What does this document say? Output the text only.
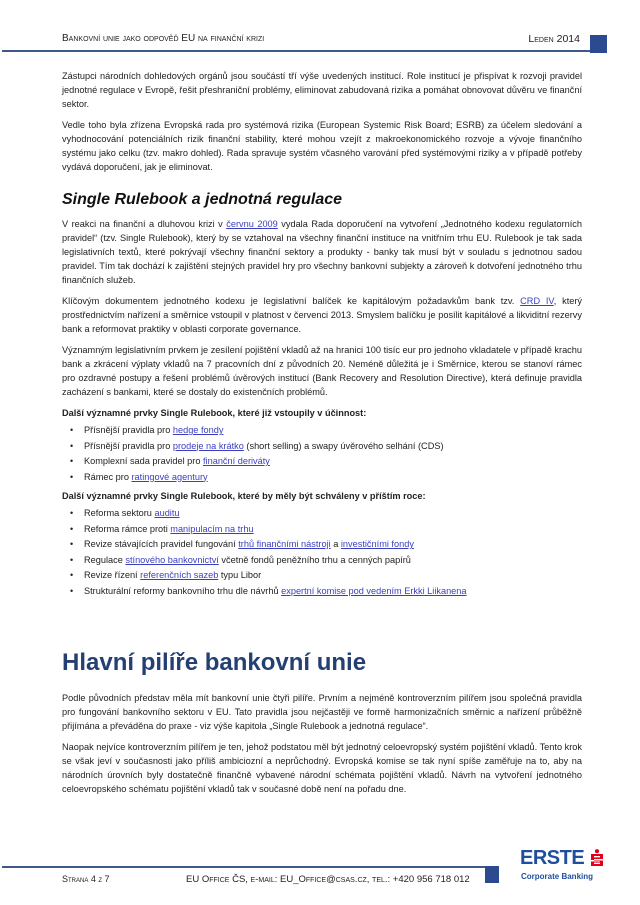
Bankovní unie jako odpověď EU na finanční krizi	Leden 2014

Zástupci národních dohledových orgánů jsou součástí tří výše uvedených institucí. Role institucí je přispívat k rozvoji pravidel jednotné regulace v Evropě, řešit přeshraniční problémy, eliminovat zabudovaná rizika a pomáhat obnovovat důvěru ve finanční sektor.

Vedle toho byla zřízena Evropská rada pro systémová rizika (European Systemic Risk Board; ESRB) za účelem sledování a vyhodnocování potenciálních rizik finanční stability, které mohou vzejít z makroekonomického rozvoje a vývoje finančního systému jako celku (tzv. makro dohled). Rada spravuje systém včasného varování před systémovými riziky a v případě potřeby vydává doporučení, jak je eliminovat.

Single Rulebook a jednotná regulace

V reakci na finanční a dluhovou krizi v červnu 2009 vydala Rada doporučení na vytvoření „Jednotného kodexu regulatorních pravidel“ (tzv. Single Rulebook), který by se vztahoval na všechny finanční instituce na vnitřním trhu EU. Rulebook je tak sada legislativních textů, které pokrývají všechny finanční sektory a produkty - banky tak musí být v souladu s jednotnou sadou pravidel. Tím tak dochází k zajištění stejných pravidel hry pro všechny bankovní subjekty a zároveň k dotvoření jednotného trhu finančních služeb.

Klíčovým dokumentem jednotného kodexu je legislativní balíček ke kapitálovým požadavkům bank tzv. CRD IV, který prostřednictvím nařízení a směrnice vstoupil v platnost v červenci 2013. Smyslem balíčku je posílit kapitálové a likviditní rezervy bank a reformovat praktiky v oblasti corporate governance.

Významným legislativním prvkem je zesílení pojištění vkladů až na hranici 100 tisíc eur pro jednoho vkladatele v případě krachu bank a zkrácení výplaty vkladů na 7 pracovních dní z původních 20. Neméně důležitá je i Směrnice, kterou se stanoví rámec pro ozdravné postupy a řešení problémů úvěrových institucí (Bank Recovery and Resolution Directive), která definuje pravidla zacházení s bankami, které se dostaly do existenčních problémů.

Další významné prvky Single Rulebook, které již vstoupily v účinnost:
• Přísnější pravidla pro hedge fondy
• Přísnější pravidla pro prodeje na krátko (short selling) a swapy úvěrového selhání (CDS)
• Komplexní sada pravidel pro finanční deriváty
• Rámec pro ratingové agentury
Další významné prvky Single Rulebook, které by měly být schváleny v příštím roce:
• Reforma sektoru auditu
• Reforma rámce proti manipulacím na trhu
• Revize stávajících pravidel fungování trhů finančními nástroji a investičními fondy
• Regulace stínového bankovnictví včetně fondů peněžního trhu a cenných papírů
• Revize řízení referenčních sazeb typu Libor
• Strukturální reformy bankovního trhu dle návrhů expertní komise pod vedením Erkki Liikanena
Hlavní pilíře bankovní unie

Podle původních představ měla mít bankovní unie čtyři pilíře. Prvním a nejméně kontroverzním pilířem jsou společná pravidla pro fungování bankovního sektoru v EU. Tato pravidla jsou nejčastěji ve formě harmonizačních směrnic a nařízení průběžně přijímána a převáděna do praxe - viz výše kapitola „Single Rulebook a jednotná regulace“.

Naopak nejvíce kontroverzním pilířem je ten, jehož podstatou měl být jednotný celoevropský systém pojištění vkladů. Tento krok se však jeví v současnosti jako příliš ambiciozní a neprůchodný. Evropská komise se tak nyní spíše zaměřuje na to, aby na národních úrovních byly dostatečně finančně vybavené národní schémata pojištění vkladů. Návrh na vytvoření jednotného celoevropského schématu pojištění vkladů tak v současné době není na pořadu dne.

Strana 4 z 7	EU Office ČS, e-mail: EU_Office@csas.cz, tel.: +420 956 718 012
ERSTE
Corporate Banking
